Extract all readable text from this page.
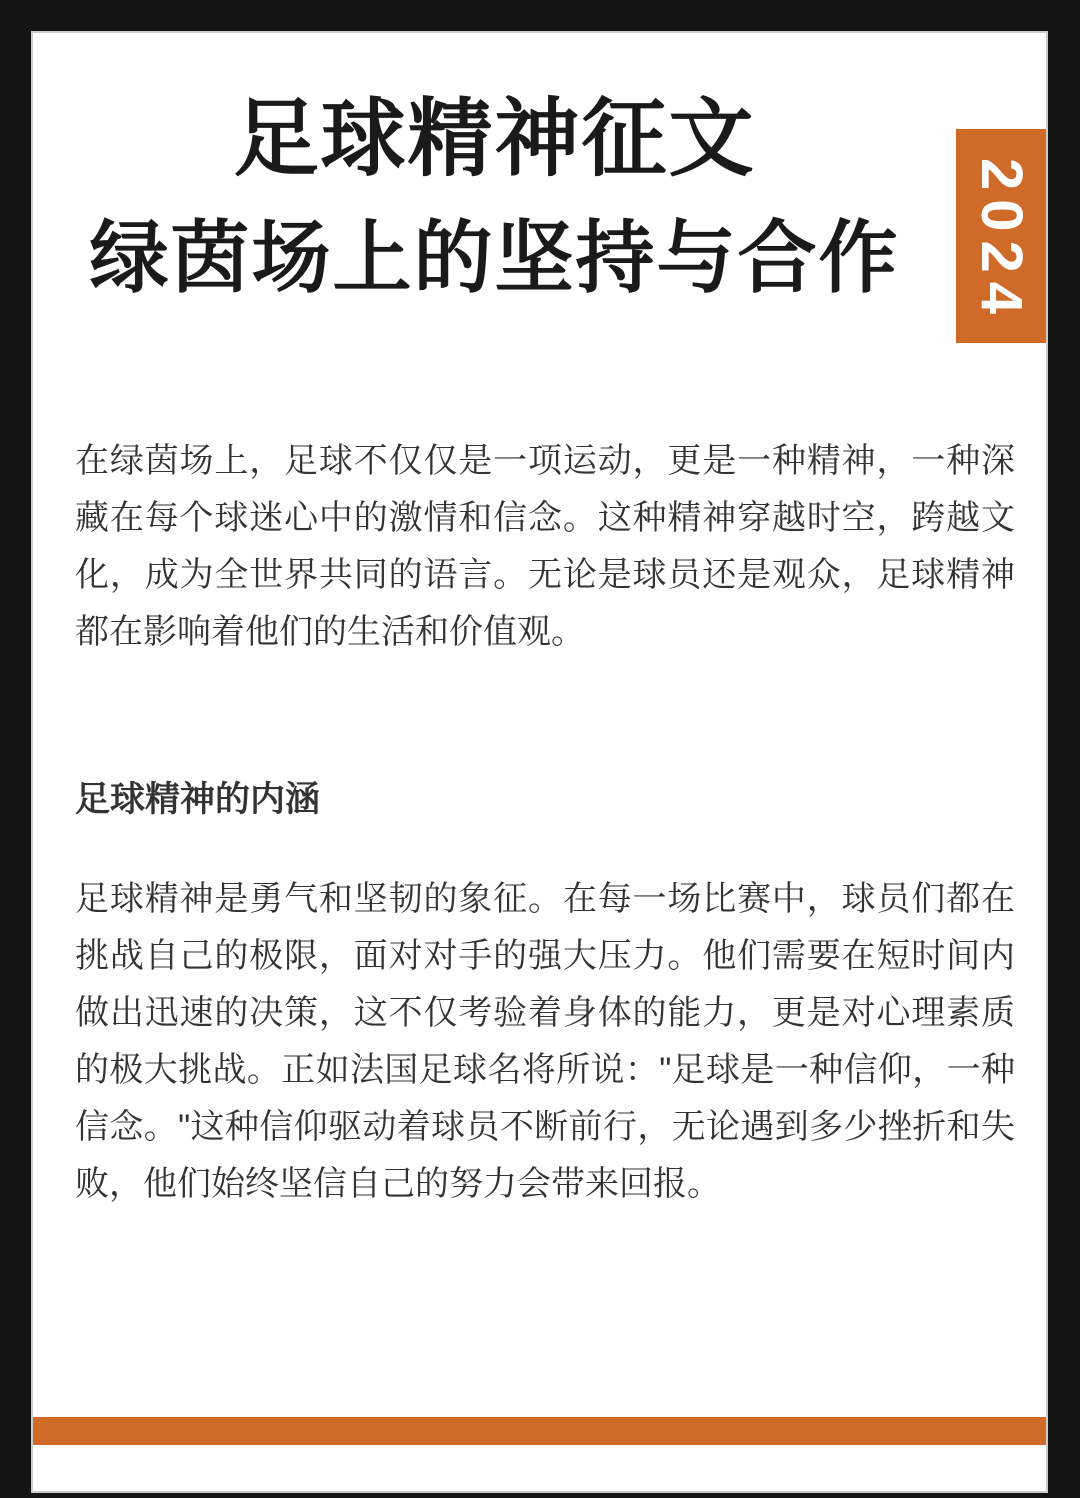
足球精神征文
绿茵场上的坚持与合作	2024

在绿茵场上，足球不仅仅是一项运动，更是一种精神，一种深藏在每个球迷心中的激情和信念。这种精神穿越时空，跨越文化，成为全世界共同的语言。无论是球员还是观众，足球精神都在影响着他们的生活和价值观。

足球精神的内涵

足球精神是勇气和坚韧的象征。在每一场比赛中，球员们都在挑战自己的极限，面对对手的强大压力。他们需要在短时间内做出迅速的决策，这不仅考验着身体的能力，更是对心理素质的极大挑战。正如法国足球名将所说："足球是一种信仰，一种信念。"这种信仰驱动着球员不断前行，无论遇到多少挫折和失败，他们始终坚信自己的努力会带来回报。
